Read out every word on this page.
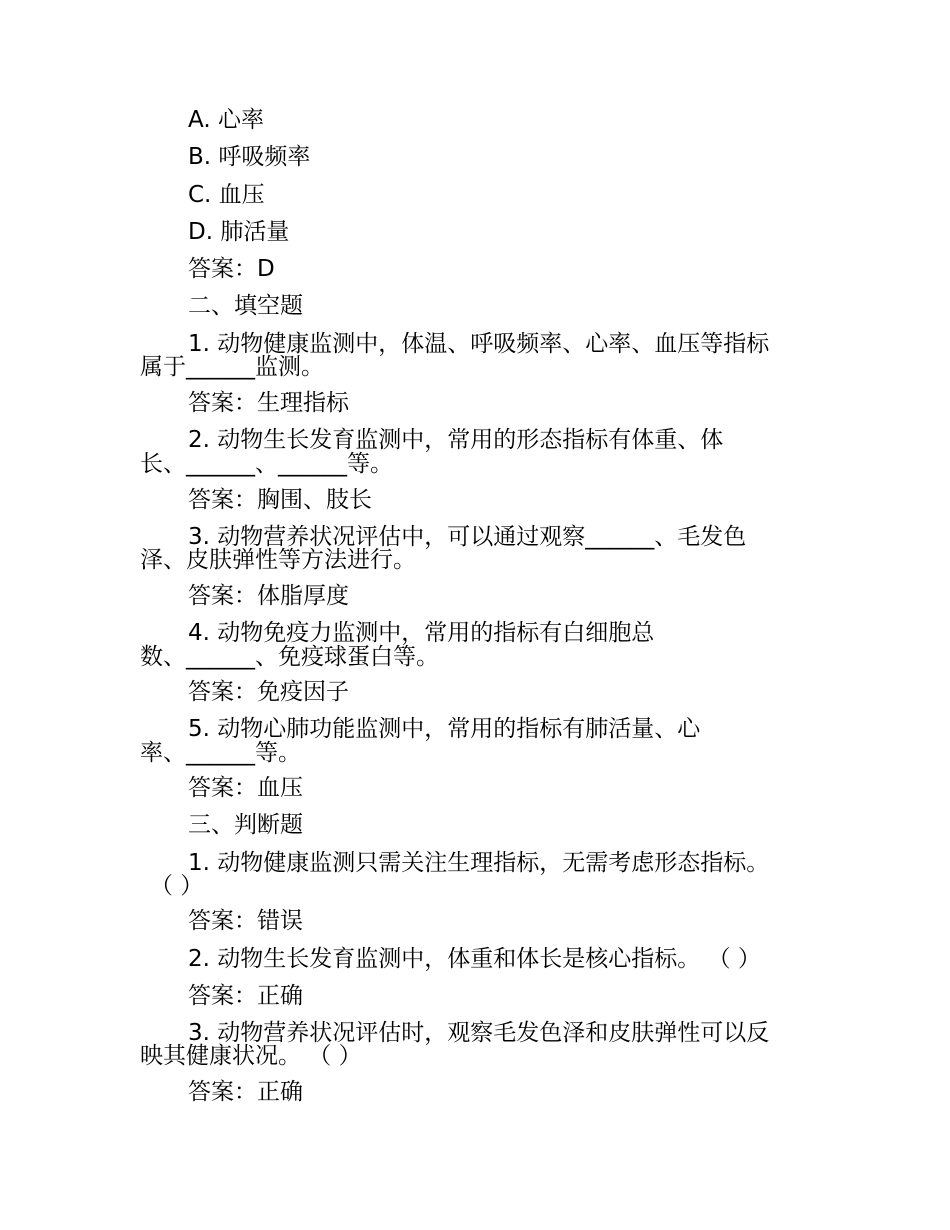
A. 心率
B. 呼吸频率
C. 血压
D. 肺活量
答案：D
二、填空题
1. 动物健康监测中，体温、呼吸频率、心率、血压等指标
属于______监测。
答案：生理指标
2. 动物生长发育监测中，常用的形态指标有体重、体
长、______、______等。
答案：胸围、肢长
3. 动物营养状况评估中，可以通过观察______、毛发色
泽、皮肤弹性等方法进行。
答案：体脂厚度
4. 动物免疫力监测中，常用的指标有白细胞总
数、______、免疫球蛋白等。
答案：免疫因子
5. 动物心肺功能监测中，常用的指标有肺活量、心
率、______等。
答案：血压
三、判断题
1. 动物健康监测只需关注生理指标，无需考虑形态指标。
（ ）
答案：错误
2. 动物生长发育监测中，体重和体长是核心指标。 （ ）
答案：正确
3. 动物营养状况评估时，观察毛发色泽和皮肤弹性可以反
映其健康状况。 （ ）
答案：正确
